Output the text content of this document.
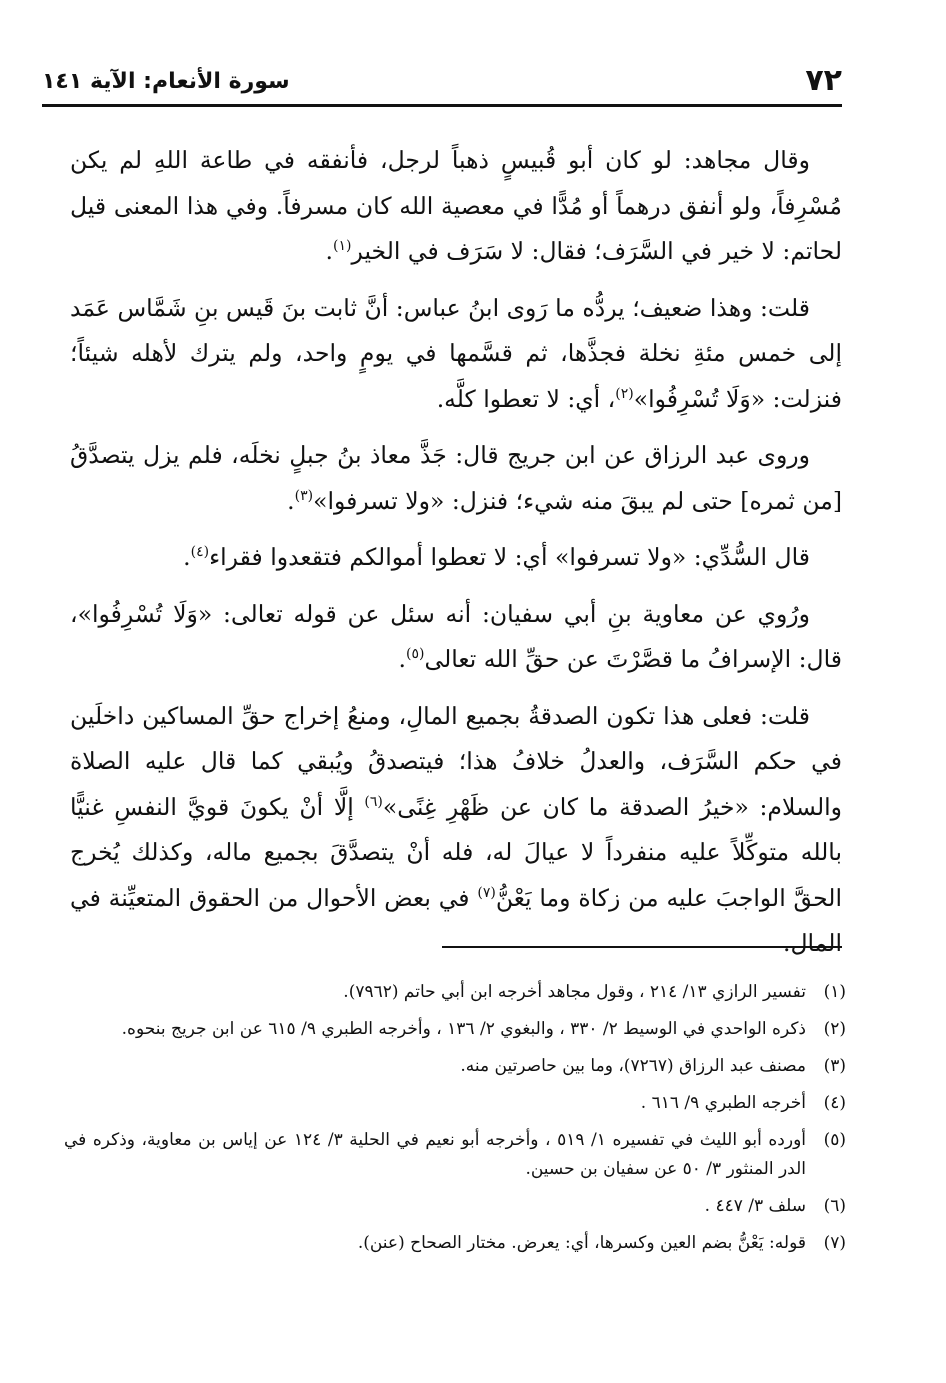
٧٢
سورة الأنعام: الآية ١٤١

وقال مجاهد: لو كان أبو قُبيسٍ ذهباً لرجل، فأنفقه في طاعة اللهِ لم يكن مُسْرِفاً، ولو أنفق درهماً أو مُدًّا في معصية الله كان مسرفاً. وفي هذا المعنى قيل لحاتم: لا خير في السَّرَف؛ فقال: لا سَرَف في الخير$^{(١)}$.

قلت: وهذا ضعيف؛ يردُّه ما رَوى ابنُ عباس: أنَّ ثابت بنَ قَيس بنِ شَمَّاس عَمَد إلى خمس مئةِ نخلة فجذَّها، ثم قسَّمها في يومٍ واحد، ولم يترك لأهله شيئاً؛ فنزلت: «وَلَا تُسْرِفُوا»$^{(٢)}$، أي: لا تعطوا كلَّه.

وروى عبد الرزاق عن ابن جريج قال: جَذَّ معاذ بنُ جبلٍ نخلَه، فلم يزل يتصدَّقُ [من ثمره] حتى لم يبقَ منه شيء؛ فنزل: «ولا تسرفوا»$^{(٣)}$.

قال السُّدِّي: «ولا تسرفوا» أي: لا تعطوا أموالكم فتقعدوا فقراء$^{(٤)}$.

ورُوي عن معاوية بنِ أبي سفيان: أنه سئل عن قوله تعالى: «وَلَا تُسْرِفُوا»، قال: الإسرافُ ما قصَّرْتَ عن حقِّ الله تعالى$^{(٥)}$.

قلت: فعلى هذا تكون الصدقةُ بجميع المالِ، ومنعُ إخراج حقِّ المساكين داخلَين في حكم السَّرَف، والعدلُ خلافُ هذا؛ فيتصدقُ ويُبقي كما قال عليه الصلاة والسلام: «خيرُ الصدقة ما كان عن ظَهْرِ غِنًى»$^{(٦)}$ إلَّا أنْ يكونَ قويَّ النفسِ غنيًّا بالله متوكِّلاً عليه منفرداً لا عيالَ له، فله أنْ يتصدَّقَ بجميع ماله، وكذلك يُخرج الحقَّ الواجبَ عليه من زكاة وما يَعْنُّ$^{(٧)}$ في بعض الأحوال من الحقوق المتعيِّنة في المال.

(١)تفسير الرازي ١٣/ ٢١٤ ، وقول مجاهد أخرجه ابن أبي حاتم (٧٩٦٢).
(٢)ذكره الواحدي في الوسيط ٢/ ٣٣٠ ، والبغوي ٢/ ١٣٦ ، وأخرجه الطبري ٩/ ٦١٥ عن ابن جريج بنحوه.
(٣)مصنف عبد الرزاق (٧٢٦٧)، وما بين حاصرتين منه.
(٤)أخرجه الطبري ٩/ ٦١٦ .
(٥)أورده أبو الليث في تفسيره ١/ ٥١٩ ، وأخرجه أبو نعيم في الحلية ٣/ ١٢٤ عن إياس بن معاوية، وذكره في الدر المنثور ٣/ ٥٠ عن سفيان بن حسين.
(٦)سلف ٣/ ٤٤٧ .
(٧)قوله: يَعْنُّ بضم العين وكسرها، أي: يعرض. مختار الصحاح (عنن).
